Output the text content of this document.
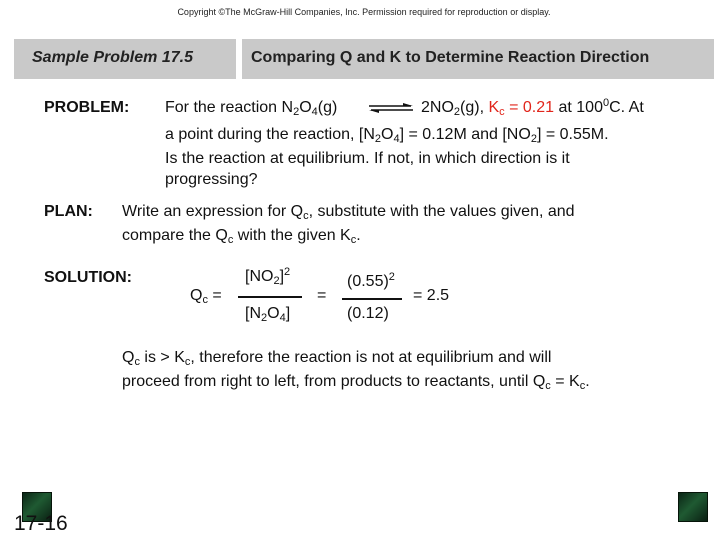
Copyright ©The McGraw-Hill Companies, Inc. Permission required for reproduction or display.
Sample Problem 17.5	Comparing Q and K to Determine Reaction Direction
PROBLEM: For the reaction $N_2O_4(g)$ ⇌ $2NO_2(g)$, $K_c = 0.21$ at $100^0C$. At
a point during the reaction, $[N_2O_4] = 0.12M$ and $[NO_2] = 0.55M$.
Is the reaction at equilibrium. If not, in which direction is it
progressing?
PLAN: Write an expression for $Q_c$, substitute with the values given, and
compare the $Q_c$ with the given $K_c$.
SOLUTION:
$Q_c$ =
$[NO_2]^2$
$[N_2O_4]$
=
$(0.55)^2$
(0.12)
= 2.5
$Q_c$ is > $K_c$, therefore the reaction is not at equilibrium and will
proceed from right to left, from products to reactants, until $Q_c = K_c$.
17-16
